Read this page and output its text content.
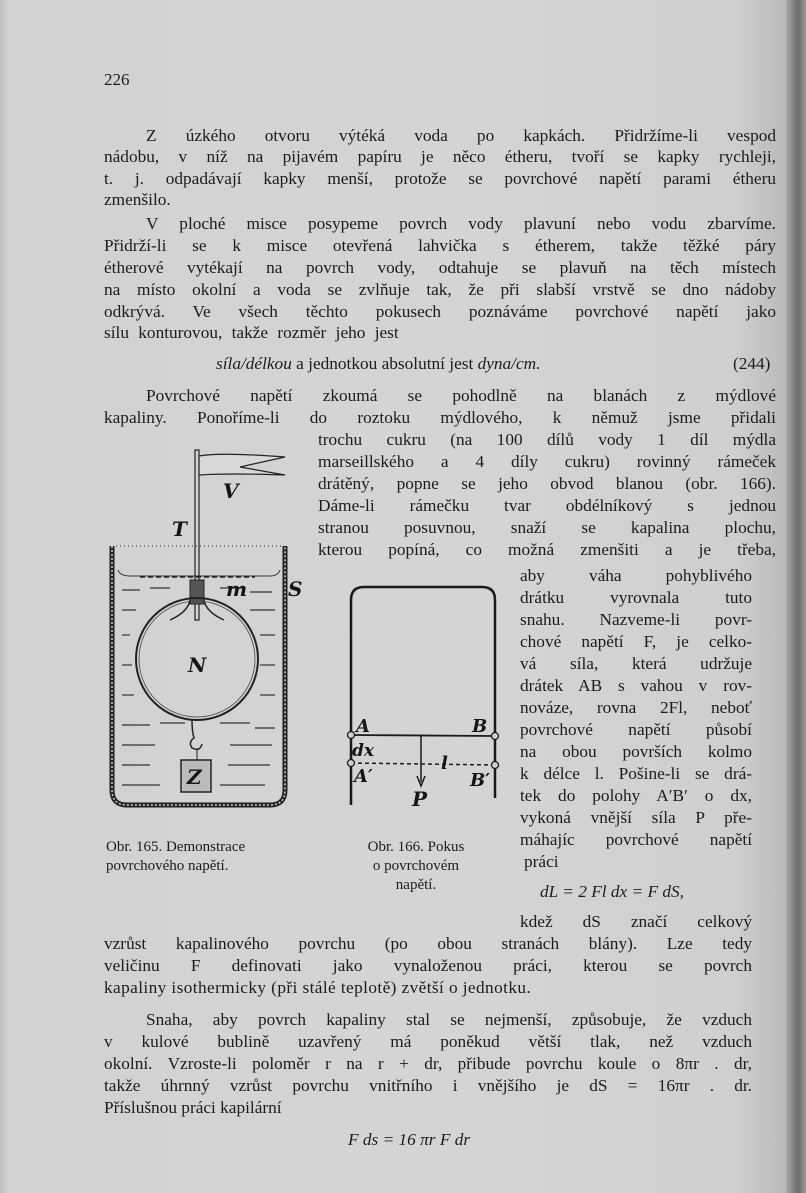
226
Z úzkého otvoru výtéká voda po kapkách. Přidržíme-li vespod
nádobu, v níž na pijavém papíru je něco étheru, tvoří se kapky rychleji,
t. j. odpadávají kapky menší, protože se povrchové napětí parami étheru
zmenšilo.
V ploché misce posypeme povrch vody plavuní nebo vodu zbarvíme.
Přidrží-li se k misce otevřená lahvička s étherem, takže těžké páry
étherové vytékají na povrch vody, odtahuje se plavuň na těch místech
na místo okolní a voda se zvlňuje tak, že při slabší vrstvě se dno nádoby
odkrývá. Ve všech těchto pokusech poznáváme povrchové napětí jako
sílu konturovou, takže rozměr jeho jest
síla/délkou a jednotkou absolutní jest dyna/cm.	(244)
Povrchové napětí zkoumá se pohodlně na blanách z mýdlové
kapaliny. Ponoříme-li do roztoku mýdlového, k němuž jsme přidali
trochu cukru (na 100 dílů vody 1 díl mýdla
marseillského a 4 díly cukru) rovinný rámeček
drátěný, popne se jeho obvod blanou (obr. 166).
Dáme-li rámečku tvar obdélníkový s jednou
stranou posuvnou, snaží se kapalina plochu,
kterou popíná, co možná zmenšiti a je třeba,
aby váha pohyblivého
drátku vyrovnala tuto
snahu. Nazveme-li povr-
chové napětí F, je celko-
vá síla, která udržuje
drátek AB s vahou v rov-
nováze, rovna 2Fl, neboť
povrchové napětí působí
na obou površích kolmo
k délce l. Pošine-li se drá-
tek do polohy A′B′ o dx,
vykoná vnější síla P pře-
máhajíc povrchové napětí
práci
dL = 2 Fl dx = F dS,
kdež dS značí celkový
vzrůst kapalinového povrchu (po obou stranách blány). Lze tedy
veličinu F definovati jako vynaloženou práci, kterou se povrch
kapaliny isothermicky (při stálé teplotě) zvětší o jednotku.
Snaha, aby povrch kapaliny stal se nejmenší, způsobuje, že vzduch
v kulové bublině uzavřený má poněkud větší tlak, než vzduch
okolní. Vzroste-li poloměr r na r + dr, přibude povrchu koule o 8πr . dr,
takže úhrnný vzrůst povrchu vnitřního i vnějšího je dS = 16πr . dr.
Příslušnou práci kapilární
F ds = 16 πr F dr
T
V
m S
N
Z
Obr. 165. Demonstrace
povrchového napětí.
A	B
dx
A′
l
B′
P
Obr. 166. Pokus
o povrchovém
napětí.
